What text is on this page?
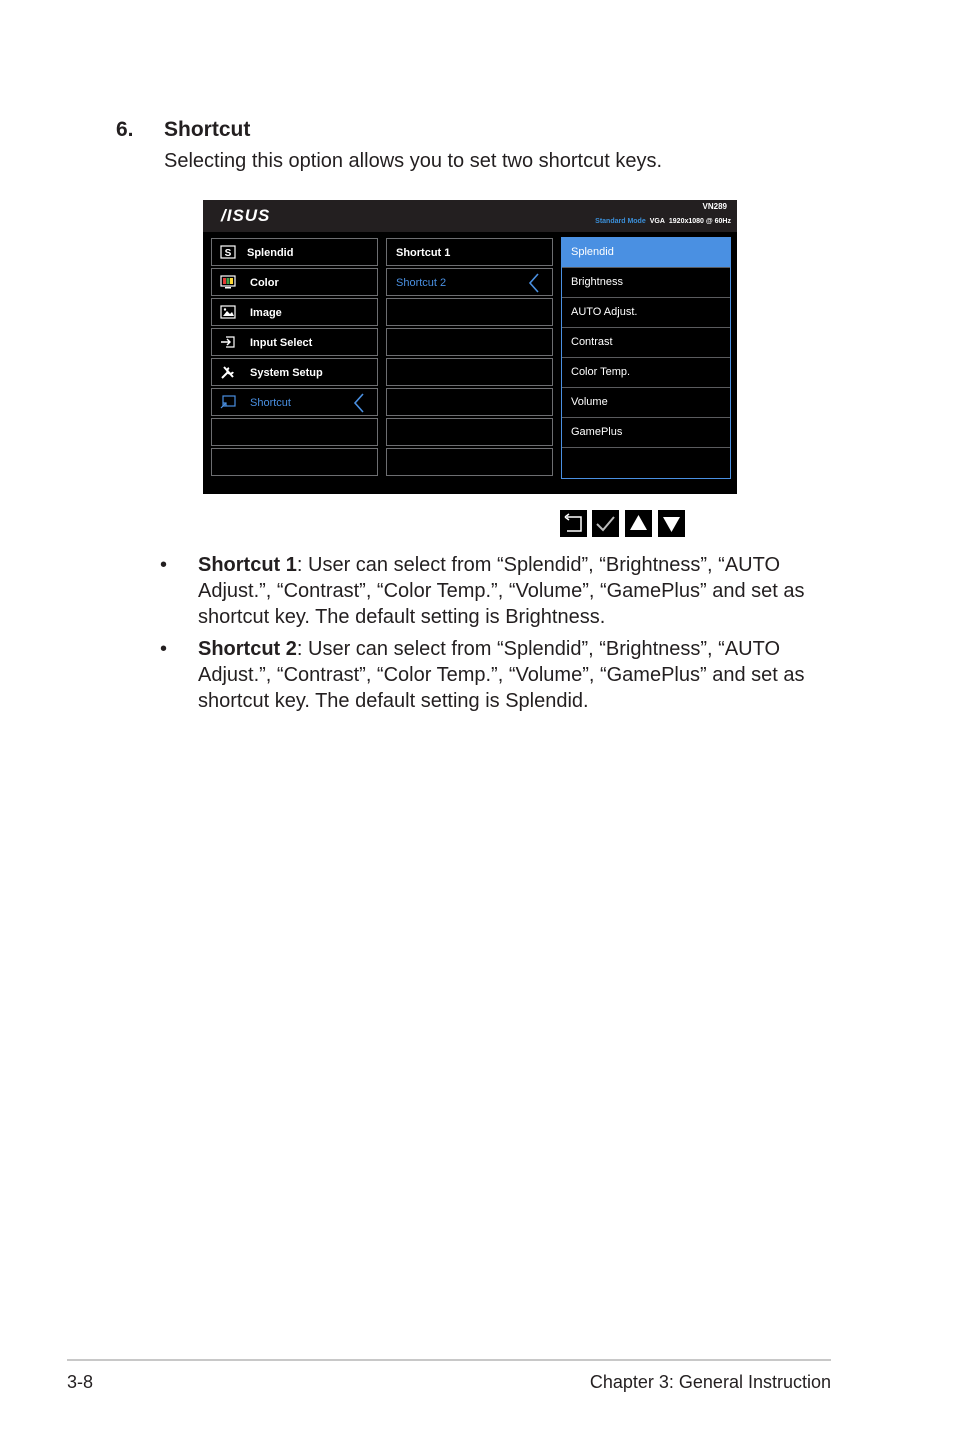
6. Shortcut
Selecting this option allows you to set two shortcut keys.
/ISUS	VN289
Standard Mode VGA 1920x1080 @ 60Hz
S Splendid
Color
Image
Input Select
System Setup
Shortcut
Shortcut 1
Shortcut 2
Splendid
Brightness
AUTO Adjust.
Contrast
Color Temp.
Volume
GamePlus
• Shortcut 1: User can select from “Splendid”, “Brightness”, “AUTO Adjust.”, “Contrast”, “Color Temp.”, “Volume”, “GamePlus” and set as shortcut key. The default setting is Brightness.
• Shortcut 2: User can select from “Splendid”, “Brightness”, “AUTO Adjust.”, “Contrast”, “Color Temp.”, “Volume”, “GamePlus” and set as shortcut key. The default setting is Splendid.
3-8	Chapter 3: General Instruction
